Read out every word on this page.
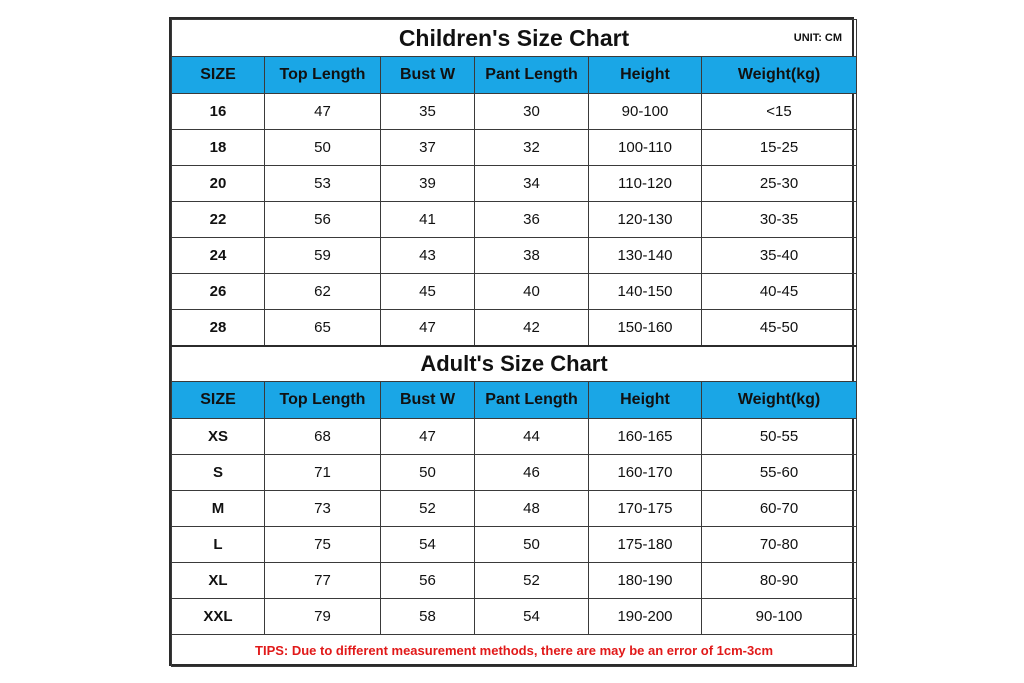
Children's Size Chart UNIT: CM					

SIZE	Top Length	Bust W	Pant Length	Height	Weight(kg)
16	47	35	30	90-100	<15
18	50	37	32	100-110	15-25
20	53	39	34	110-120	25-30
22	56	41	36	120-130	30-35
24	59	43	38	130-140	35-40
26	62	45	40	140-150	40-45
28	65	47	42	150-160	45-50
Adult's Size Chart					
SIZE	Top Length	Bust W	Pant Length	Height	Weight(kg)
XS	68	47	44	160-165	50-55
S	71	50	46	160-170	55-60
M	73	52	48	170-175	60-70
L	75	54	50	175-180	70-80
XL	77	56	52	180-190	80-90
XXL	79	58	54	190-200	90-100
TIPS: Due to different measurement methods, there are may be an error of 1cm-3cm					
